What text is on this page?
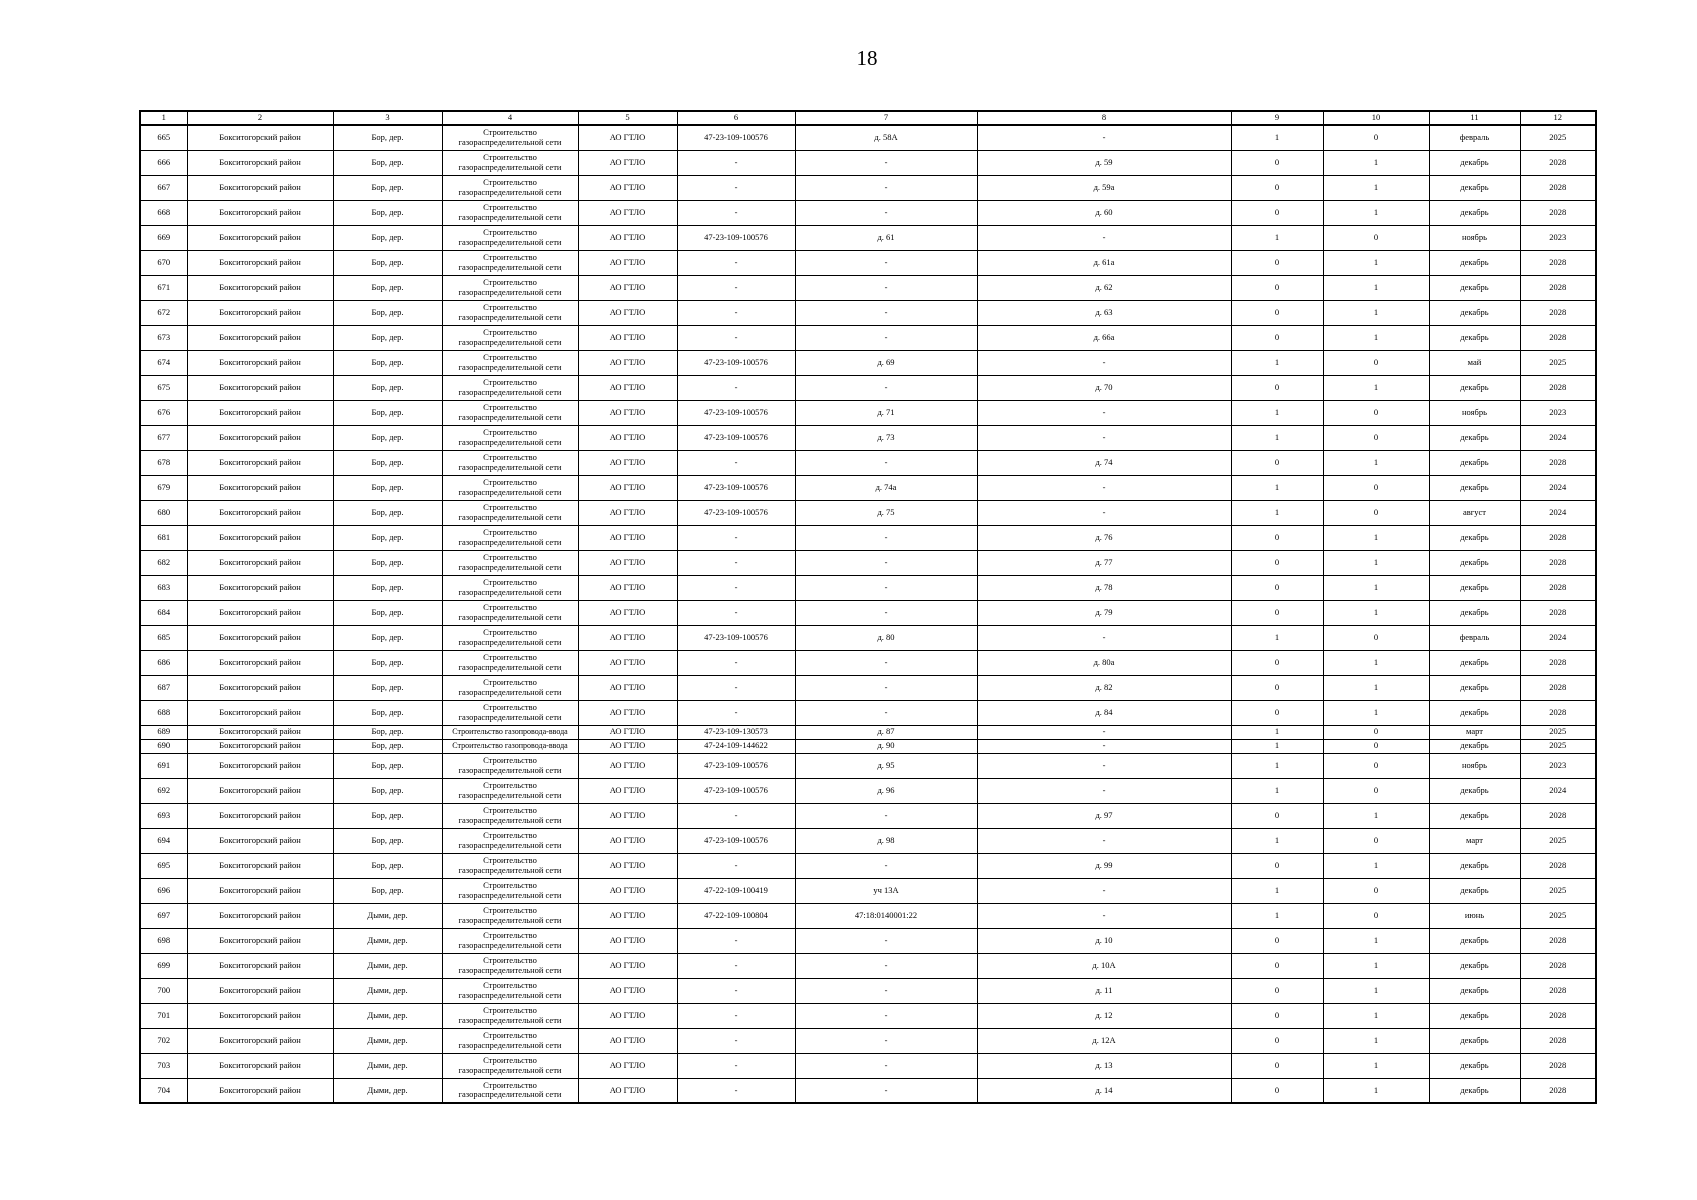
18
1	2	3	4	5	6	7	8	9	10	11	12
665	Бокситогорский район	Бор, дер.	Строительство газораспределительной сети	АО ГТЛО	47-23-109-100576	д. 58А	-	1	0	февраль	2025
666	Бокситогорский район	Бор, дер.	Строительство газораспределительной сети	АО ГТЛО	-	-	д. 59	0	1	декабрь	2028
667	Бокситогорский район	Бор, дер.	Строительство газораспределительной сети	АО ГТЛО	-	-	д. 59а	0	1	декабрь	2028
668	Бокситогорский район	Бор, дер.	Строительство газораспределительной сети	АО ГТЛО	-	-	д. 60	0	1	декабрь	2028
669	Бокситогорский район	Бор, дер.	Строительство газораспределительной сети	АО ГТЛО	47-23-109-100576	д. 61	-	1	0	ноябрь	2023
670	Бокситогорский район	Бор, дер.	Строительство газораспределительной сети	АО ГТЛО	-	-	д. 61а	0	1	декабрь	2028
671	Бокситогорский район	Бор, дер.	Строительство газораспределительной сети	АО ГТЛО	-	-	д. 62	0	1	декабрь	2028
672	Бокситогорский район	Бор, дер.	Строительство газораспределительной сети	АО ГТЛО	-	-	д. 63	0	1	декабрь	2028
673	Бокситогорский район	Бор, дер.	Строительство газораспределительной сети	АО ГТЛО	-	-	д. 66а	0	1	декабрь	2028
674	Бокситогорский район	Бор, дер.	Строительство газораспределительной сети	АО ГТЛО	47-23-109-100576	д. 69	-	1	0	май	2025
675	Бокситогорский район	Бор, дер.	Строительство газораспределительной сети	АО ГТЛО	-	-	д. 70	0	1	декабрь	2028
676	Бокситогорский район	Бор, дер.	Строительство газораспределительной сети	АО ГТЛО	47-23-109-100576	д. 71	-	1	0	ноябрь	2023
677	Бокситогорский район	Бор, дер.	Строительство газораспределительной сети	АО ГТЛО	47-23-109-100576	д. 73	-	1	0	декабрь	2024
678	Бокситогорский район	Бор, дер.	Строительство газораспределительной сети	АО ГТЛО	-	-	д. 74	0	1	декабрь	2028
679	Бокситогорский район	Бор, дер.	Строительство газораспределительной сети	АО ГТЛО	47-23-109-100576	д. 74а	-	1	0	декабрь	2024
680	Бокситогорский район	Бор, дер.	Строительство газораспределительной сети	АО ГТЛО	47-23-109-100576	д. 75	-	1	0	август	2024
681	Бокситогорский район	Бор, дер.	Строительство газораспределительной сети	АО ГТЛО	-	-	д. 76	0	1	декабрь	2028
682	Бокситогорский район	Бор, дер.	Строительство газораспределительной сети	АО ГТЛО	-	-	д. 77	0	1	декабрь	2028
683	Бокситогорский район	Бор, дер.	Строительство газораспределительной сети	АО ГТЛО	-	-	д. 78	0	1	декабрь	2028
684	Бокситогорский район	Бор, дер.	Строительство газораспределительной сети	АО ГТЛО	-	-	д. 79	0	1	декабрь	2028
685	Бокситогорский район	Бор, дер.	Строительство газораспределительной сети	АО ГТЛО	47-23-109-100576	д. 80	-	1	0	февраль	2024
686	Бокситогорский район	Бор, дер.	Строительство газораспределительной сети	АО ГТЛО	-	-	д. 80а	0	1	декабрь	2028
687	Бокситогорский район	Бор, дер.	Строительство газораспределительной сети	АО ГТЛО	-	-	д. 82	0	1	декабрь	2028
688	Бокситогорский район	Бор, дер.	Строительство газораспределительной сети	АО ГТЛО	-	-	д. 84	0	1	декабрь	2028
689	Бокситогорский район	Бор, дер.	Строительство газопровода-ввода	АО ГТЛО	47-23-109-130573	д. 87	-	1	0	март	2025
690	Бокситогорский район	Бор, дер.	Строительство газопровода-ввода	АО ГТЛО	47-24-109-144622	д. 90	-	1	0	декабрь	2025
691	Бокситогорский район	Бор, дер.	Строительство газораспределительной сети	АО ГТЛО	47-23-109-100576	д. 95	-	1	0	ноябрь	2023
692	Бокситогорский район	Бор, дер.	Строительство газораспределительной сети	АО ГТЛО	47-23-109-100576	д. 96	-	1	0	декабрь	2024
693	Бокситогорский район	Бор, дер.	Строительство газораспределительной сети	АО ГТЛО	-	-	д. 97	0	1	декабрь	2028
694	Бокситогорский район	Бор, дер.	Строительство газораспределительной сети	АО ГТЛО	47-23-109-100576	д. 98	-	1	0	март	2025
695	Бокситогорский район	Бор, дер.	Строительство газораспределительной сети	АО ГТЛО	-	-	д. 99	0	1	декабрь	2028
696	Бокситогорский район	Бор, дер.	Строительство газораспределительной сети	АО ГТЛО	47-22-109-100419	уч 13А	-	1	0	декабрь	2025
697	Бокситогорский район	Дыми, дер.	Строительство газораспределительной сети	АО ГТЛО	47-22-109-100804	47:18:0140001:22	-	1	0	июнь	2025
698	Бокситогорский район	Дыми, дер.	Строительство газораспределительной сети	АО ГТЛО	-	-	д. 10	0	1	декабрь	2028
699	Бокситогорский район	Дыми, дер.	Строительство газораспределительной сети	АО ГТЛО	-	-	д. 10А	0	1	декабрь	2028
700	Бокситогорский район	Дыми, дер.	Строительство газораспределительной сети	АО ГТЛО	-	-	д. 11	0	1	декабрь	2028
701	Бокситогорский район	Дыми, дер.	Строительство газораспределительной сети	АО ГТЛО	-	-	д. 12	0	1	декабрь	2028
702	Бокситогорский район	Дыми, дер.	Строительство газораспределительной сети	АО ГТЛО	-	-	д. 12А	0	1	декабрь	2028
703	Бокситогорский район	Дыми, дер.	Строительство газораспределительной сети	АО ГТЛО	-	-	д. 13	0	1	декабрь	2028
704	Бокситогорский район	Дыми, дер.	Строительство газораспределительной сети	АО ГТЛО	-	-	д. 14	0	1	декабрь	2028
